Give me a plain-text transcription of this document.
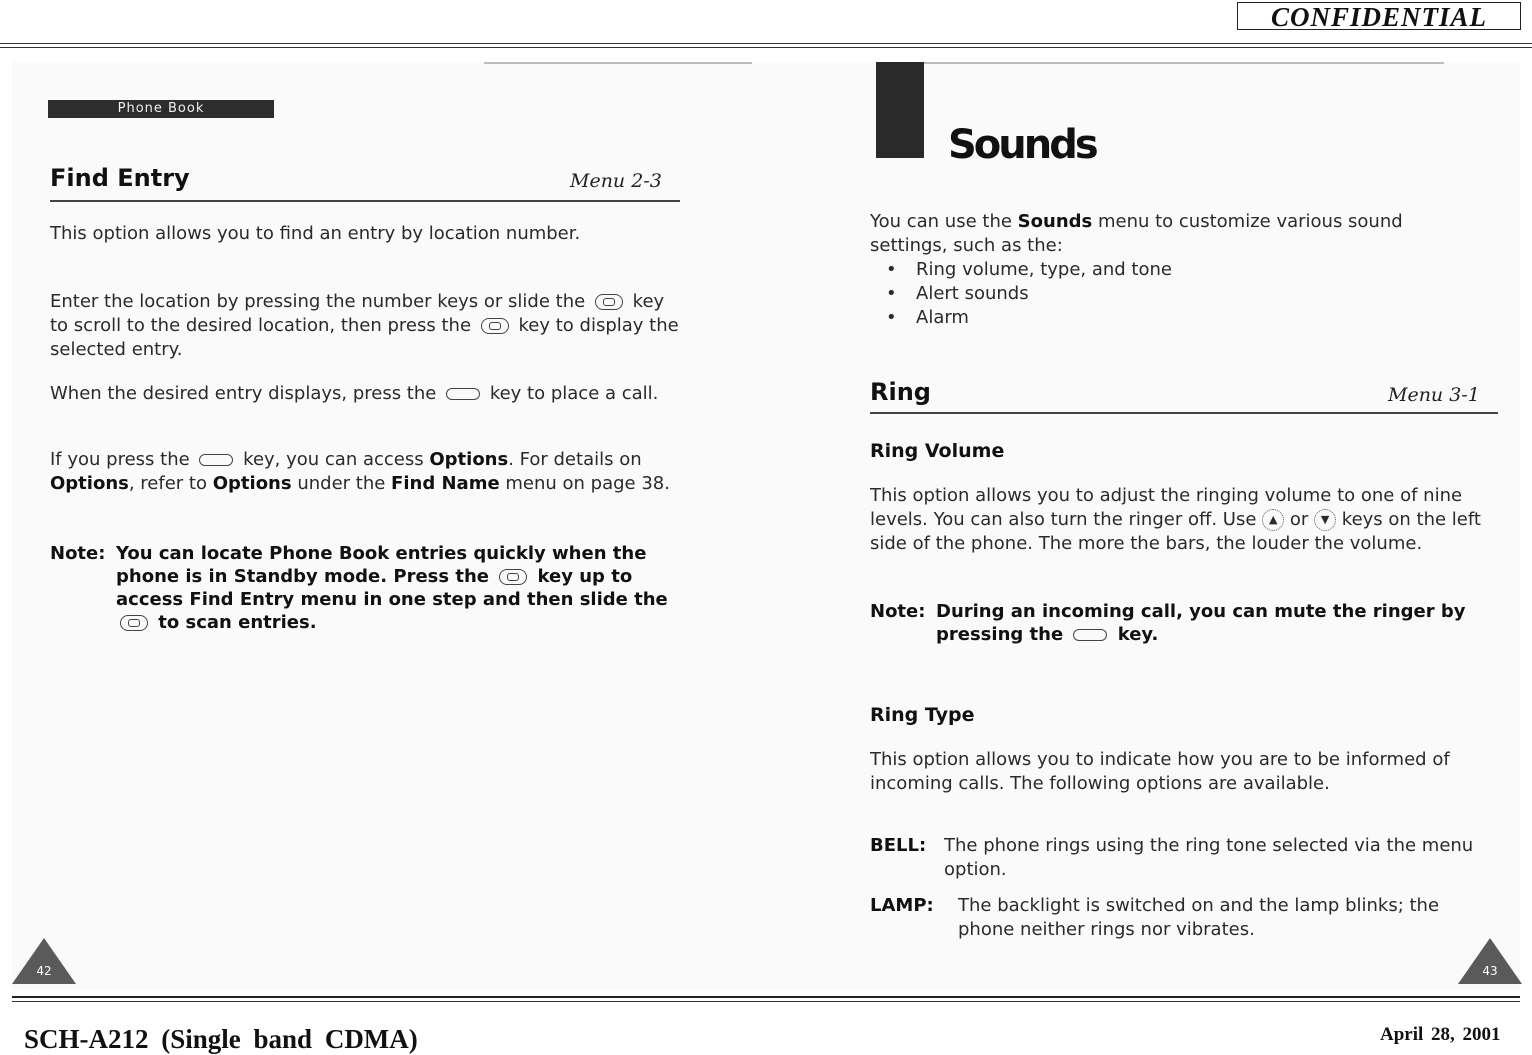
CONFIDENTIAL
Phone Book
Find Entry	Menu 2-3
This option allows you to find an entry by location number.
Enter the location by pressing the number keys or slide the	key to scroll to the desired location, then press the	key to display the selected entry.
When the desired entry displays, press the	key to place a call.
If you press the	key, you can access Options. For details on Options, refer to Options under the Find Name menu on page 38.
Note: You can locate Phone Book entries quickly when the phone is in Standby mode. Press the	key up to access Find Entry menu in one step and then slide the  to scan entries.
42
Sounds
You can use the Sounds menu to customize various sound settings, such as the:
• Ring volume, type, and tone
• Alert sounds
• Alarm
Ring	Menu 3-1
Ring Volume
This option allows you to adjust the ringing volume to one of nine levels. You can also turn the ringer off. Use ▲ or ▼ keys on the left side of the phone. The more the bars, the louder the volume.
Note: During an incoming call, you can mute the ringer by pressing the	key.
Ring Type
This option allows you to indicate how you are to be informed of incoming calls. The following options are available.
BELL: The phone rings using the ring tone selected via the menu option.
LAMP: The backlight is switched on and the lamp blinks; the phone neither rings nor vibrates.
43
SCH-A212 (Single band CDMA)	April 28, 2001
